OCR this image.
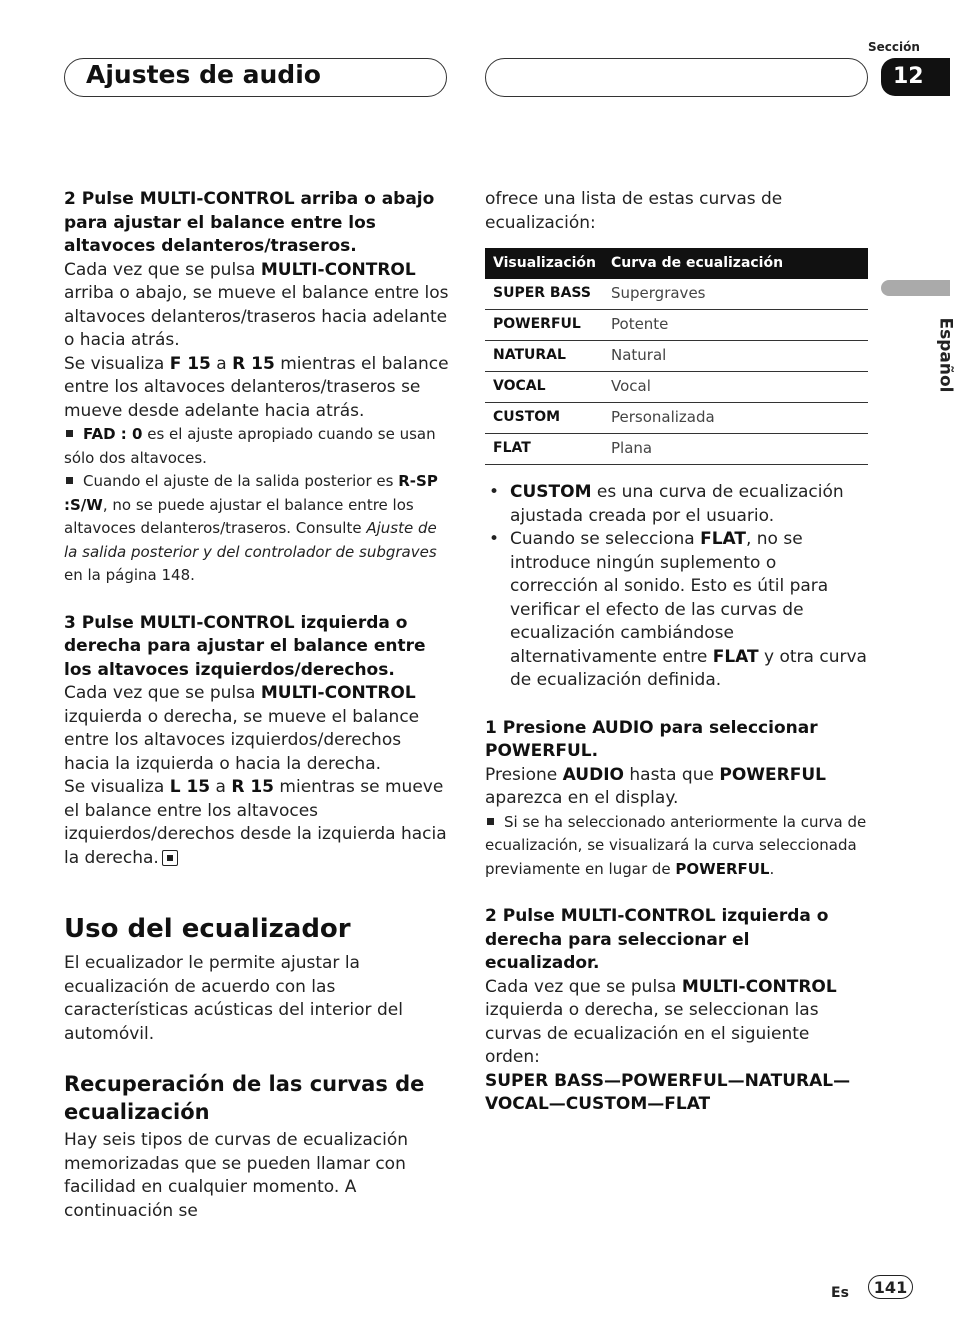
Ajustes de audio
Sección
12
Español

2 Pulse MULTI-CONTROL arriba o abajo para ajustar el balance entre los altavoces delanteros/traseros.

Cada vez que se pulsa MULTI-CONTROL arriba o abajo, se mueve el balance entre los altavoces delanteros/traseros hacia adelante o hacia atrás.

Se visualiza F 15 a R 15 mientras el balance entre los altavoces delanteros/traseros se mueve desde adelante hacia atrás.

FAD : 0 es el ajuste apropiado cuando se usan sólo dos altavoces.

Cuando el ajuste de la salida posterior es R-SP :S/W, no se puede ajustar el balance entre los altavoces delanteros/traseros. Consulte Ajuste de la salida posterior y del controlador de subgraves en la página 148.

3 Pulse MULTI-CONTROL izquierda o derecha para ajustar el balance entre los altavoces izquierdos/derechos.

Cada vez que se pulsa MULTI-CONTROL izquierda o derecha, se mueve el balance entre los altavoces izquierdos/derechos hacia la izquierda o hacia la derecha.

Se visualiza L 15 a R 15 mientras se mueve el balance entre los altavoces izquierdos/derechos desde la izquierda hacia la derecha.

Uso del ecualizador

El ecualizador le permite ajustar la ecualización de acuerdo con las características acústicas del interior del automóvil.

Recuperación de las curvas de ecualización

Hay seis tipos de curvas de ecualización memorizadas que se pueden llamar con facilidad en cualquier momento. A continuación se

ofrece una lista de estas curvas de ecualización:

Visualización	Curva de ecualización
SUPER BASS	Supergraves
POWERFUL	Potente
NATURAL	Natural
VOCAL	Vocal
CUSTOM	Personalizada
FLAT	Plana
• CUSTOM es una curva de ecualización ajustada creada por el usuario.
• Cuando se selecciona FLAT, no se introduce ningún suplemento o corrección al sonido. Esto es útil para verificar el efecto de las curvas de ecualización cambiándose alternativamente entre FLAT y otra curva de ecualización definida.

1 Presione AUDIO para seleccionar POWERFUL.

Presione AUDIO hasta que POWERFUL aparezca en el display.

Si se ha seleccionado anteriormente la curva de ecualización, se visualizará la curva seleccionada previamente en lugar de POWERFUL.

2 Pulse MULTI-CONTROL izquierda o derecha para seleccionar el ecualizador.

Cada vez que se pulsa MULTI-CONTROL izquierda o derecha, se seleccionan las curvas de ecualización en el siguiente orden:

SUPER BASS—POWERFUL—NATURAL—VOCAL—CUSTOM—FLAT

Es	141
